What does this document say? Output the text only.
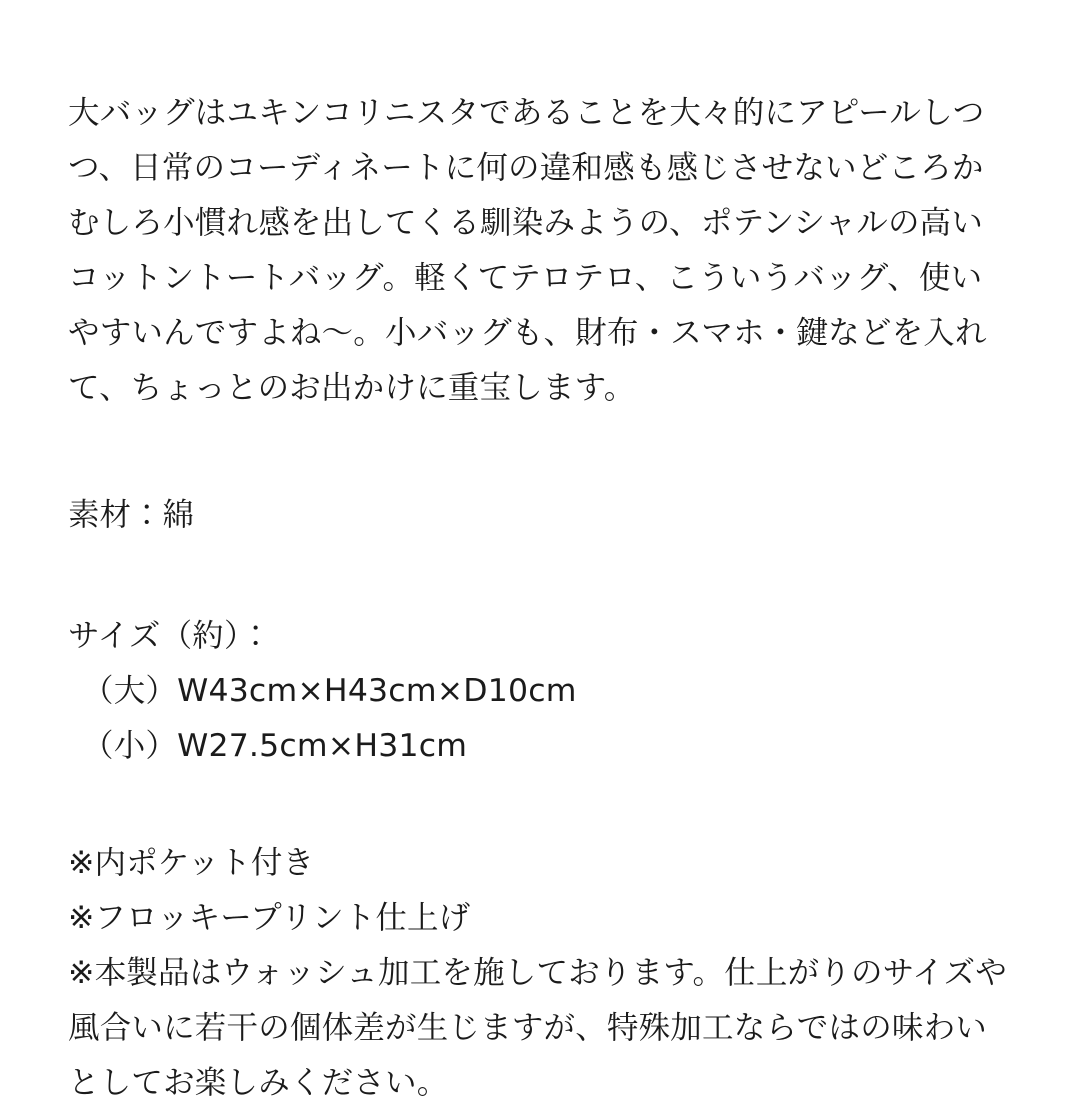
大バッグはユキンコリニスタであることを大々的にアピールしつつ、日常のコーディネートに何の違和感も感じさせないどころかむしろ小慣れ感を出してくる馴染みようの、ポテンシャルの高いコットントートバッグ。軽くてテロテロ、こういうバッグ、使いやすいんですよね〜。小バッグも、財布・スマホ・鍵などを入れて、ちょっとのお出かけに重宝します。

素材：綿
サイズ（約）：
（大）W43cm×H43cm×D10cm
（小）W27.5cm×H31cm
※内ポケット付き
※フロッキープリント仕上げ

※本製品はウォッシュ加工を施しております。仕上がりのサイズや風合いに若干の個体差が生じますが、特殊加工ならではの味わいとしてお楽しみください。
